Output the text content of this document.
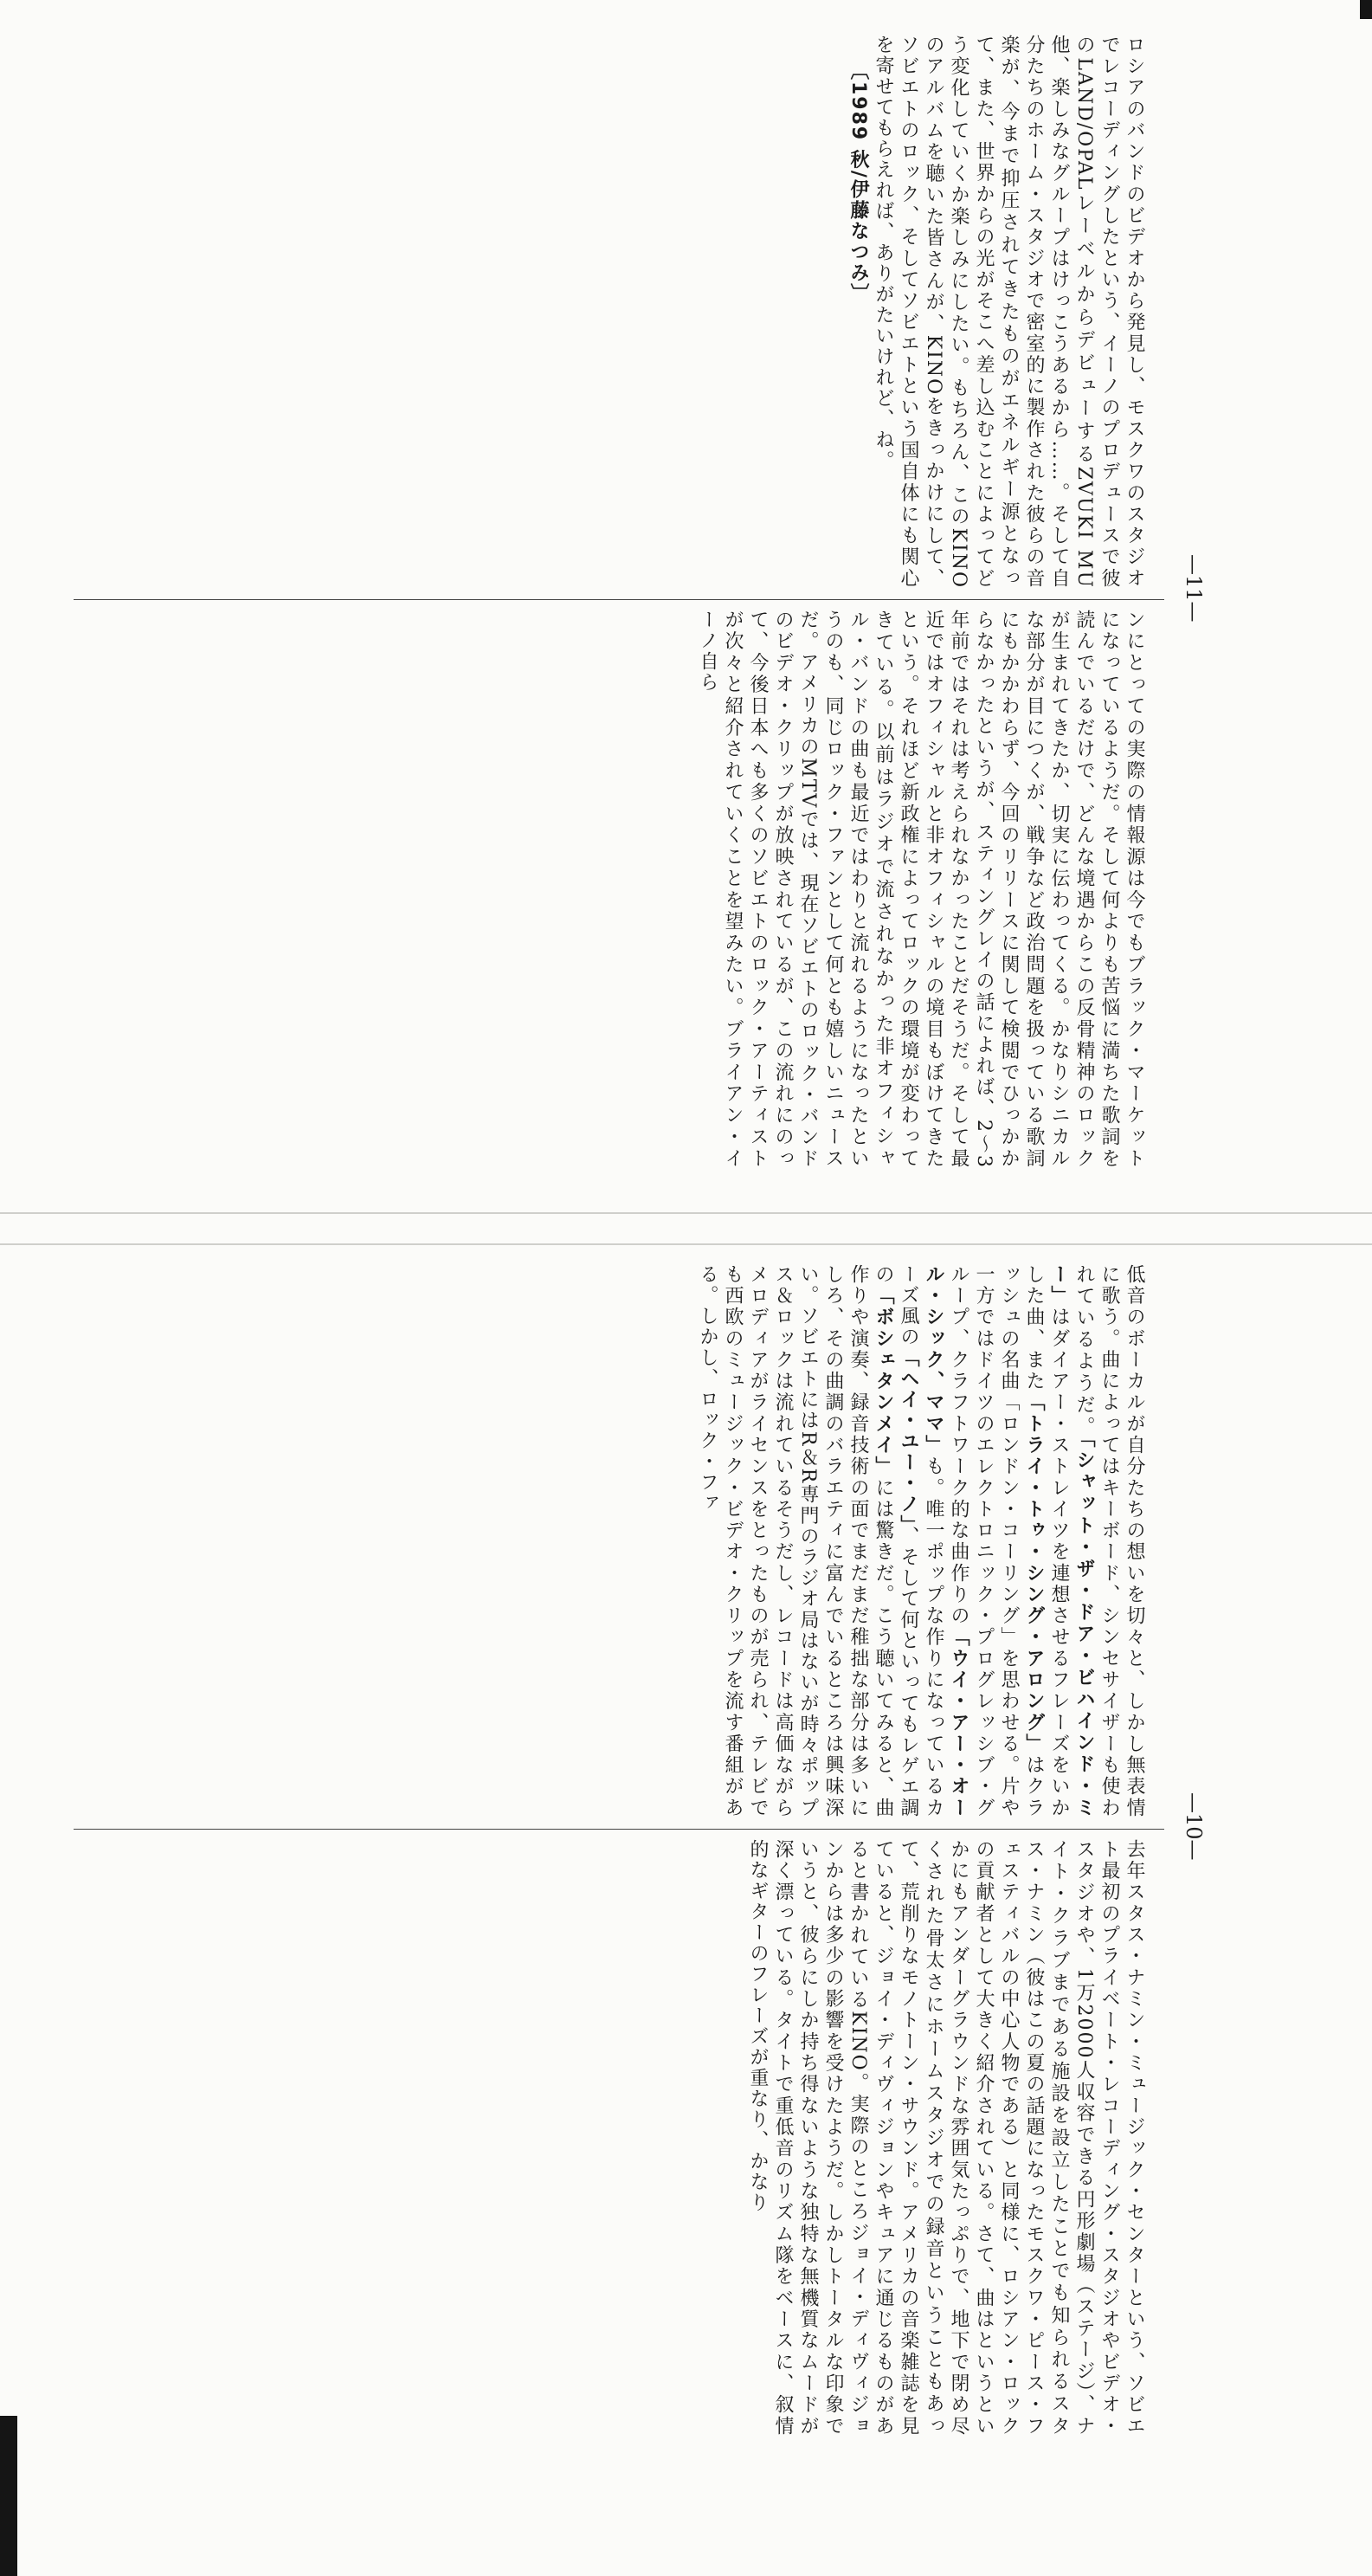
ロシアのバンドのビデオから発見し、モスクワのスタジオでレコーディングしたという、イーノのプロデュースで彼のLAND/OPALレーベルからデビューするZVUKI MU他、楽しみなグループはけっこうあるから……。そして自分たちのホーム・スタジオで密室的に製作された彼らの音楽が、今まで抑圧されてきたものがエネルギー源となって、また、世界からの光がそこへ差し込むことによってどう変化していくか楽しみにしたい。もちろん、このKINOのアルバムを聴いた皆さんが、KINOをきっかけにして、ソビエトのロック、そしてソビエトという国自体にも関心を寄せてもらえれば、ありがたいけれど、ね。

〔1989 秋/伊藤なつみ〕

ンにとっての実際の情報源は今でもブラック・マーケットになっているようだ。そして何よりも苦悩に満ちた歌詞を読んでいるだけで、どんな境遇からこの反骨精神のロックが生まれてきたか、切実に伝わってくる。かなりシニカルな部分が目につくが、戦争など政治問題を扱っている歌詞にもかかわらず、今回のリリースに関して検閲でひっかからなかったというが、スティングレイの話によれば、2～3年前ではそれは考えられなかったことだそうだ。そして最近ではオフィシャルと非オフィシャルの境目もぼけてきたという。それほど新政権によってロックの環境が変わってきている。以前はラジオで流されなかった非オフィシャル・バンドの曲も最近ではわりと流れるようになったというのも、同じロック・ファンとして何とも嬉しいニュースだ。アメリカのMTVでは、現在ソビエトのロック・バンドのビデオ・クリップが放映されているが、この流れにのって、今後日本へも多くのソビエトのロック・アーティストが次々と紹介されていくことを望みたい。ブライアン・イーノ自ら

—11—

低音のボーカルが自分たちの想いを切々と、しかし無表情に歌う。曲によってはキーボード、シンセサイザーも使われているようだ。「シャット・ザ・ドア・ビハインド・ミー」はダイアー・ストレイツを連想させるフレーズをいかした曲、また「トライ・トゥ・シング・アロング」はクラッシュの名曲「ロンドン・コーリング」を思わせる。片や一方ではドイツのエレクトロニック・プログレッシブ・グループ、クラフトワーク的な曲作りの「ウイ・アー・オール・シック、ママ」も。唯一ポップな作りになっているカーズ風の「ヘイ・ユー・ノ」、そして何といってもレゲエ調の「ボシェタンメイ」には驚きだ。こう聴いてみると、曲作りや演奏、録音技術の面でまだまだ稚拙な部分は多いにしろ、その曲調のバラエティに富んでいるところは興味深い。ソビエトにはR＆R専門のラジオ局はないが時々ポップス＆ロックは流れているそうだし、レコードは高価ながらメロディアがライセンスをとったものが売られ、テレビでも西欧のミュージック・ビデオ・クリップを流す番組がある。しかし、ロック・ファ

去年スタス・ナミン・ミュージック・センターという、ソビエト最初のプライベート・レコーディング・スタジオやビデオ・スタジオや、1万2000人収容できる円形劇場（ステージ）、ナイト・クラブまである施設を設立したことでも知られるスタス・ナミン（彼はこの夏の話題になったモスクワ・ピース・フェスティバルの中心人物である）と同様に、ロシアン・ロックの貢献者として大きく紹介されている。さて、曲はというといかにもアンダーグラウンドな雰囲気たっぷりで、地下で閉め尽くされた骨太さにホームスタジオでの録音ということもあって、荒削りなモノトーン・サウンド。アメリカの音楽雑誌を見ていると、ジョイ・ディヴィジョンやキュアに通じるものがあると書かれているKINO。実際のところジョイ・ディヴィジョンからは多少の影響を受けたようだ。しかしトータルな印象でいうと、彼らにしか持ち得ないような独特な無機質なムードが深く漂っている。タイトで重低音のリズム隊をベースに、叙情的なギターのフレーズが重なり、かなり

—10—
